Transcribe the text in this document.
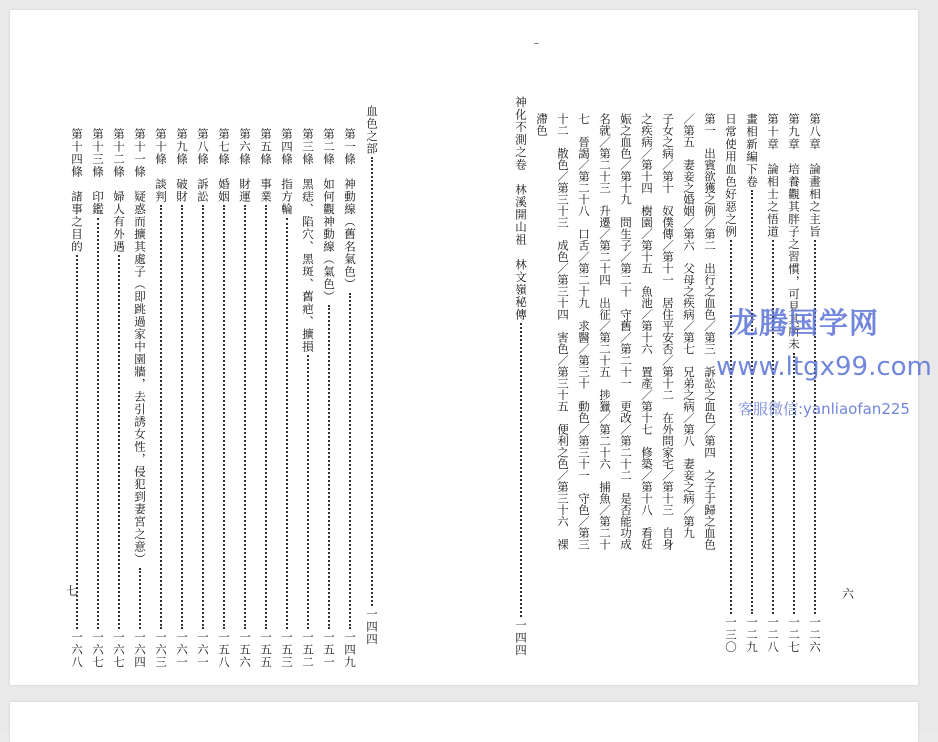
血色之部
一四四
第一條　神動線（舊名氣色）
一四九
第二條　如何觀神動線（氣色）
一五一
第三條　黑痣、陷穴、黑斑、舊疤、擴損
一五二
第四條　指方輪
一五三
第五條　事業
一五五
第六條　財運
一五六
第七條　婚姻
一五八
第八條　訴訟
一六一
第九條　破財
一六一
第十條　談判
一六三
第十一條　疑惑而擴其處子（即跳過家中園牆，去引誘女性，侵犯到妻宮之意）
一六四
第十二條　婦人有外遇
一六七
第十三條　印鑑
一六七
第十四條　諸事之目的
一六八
七
–
第八章　論畫相之主旨
一二六
第九章　培養觀其胖子之習慣，可見其所未
一二七
第十章　論相士之悟道
一二八
畫相新編下卷
一二九
日常使用血色好惡之例
一三〇
第一　出賓欲獲之例／第二　出行之血色／第三　訴訟之血色／第四　之子于歸之血色
／第五　妻妾之婚姻／第六　父母之疾病／第七　兄弟之病／第八　妻妾之病／第九
子女之病／第十　奴僕傳／第十一　居住平安否／第十二　在外問家宅／第十三　自身
之疾病／第十四　樹園／第十五　魚池／第十六　置產／第十七　修築／第十八　看妊
娠之血色／第十九　問生子／第二十　守舊／第二十一　更改／第二十二　是否能功成
名就／第二十三　升遷／第二十四　出征／第二十五　捗獵／第二十六　捕魚／第二十
七　晉謁／第二十八　口舌／第二十九　求醫／第三十　動色／第三十一　守色／第三
十二　散色／第三十三　成色／第三十四　害色／第三十五　便利之色／第三十六　裸
滯色
神化不測之卷　林溪開山祖　林文嶺秘傳
一四四
六
龙腾国学网
www.ltgx99.com
客服微信:yanliaofan225
